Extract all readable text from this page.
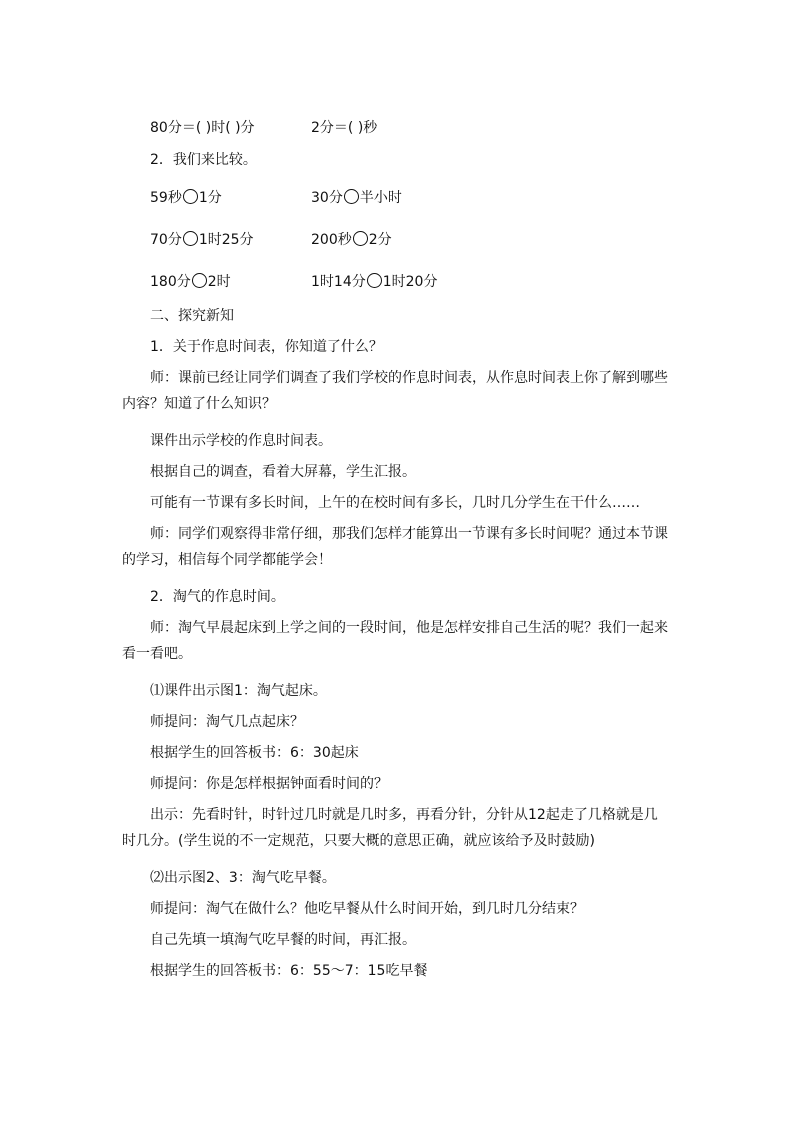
80分＝( )时( )分	2分＝( )秒
2．我们来比较。
59秒 1分	30分 半小时
70分 1时25分	200秒 2分
180分 2时	1时14分 1时20分
二、探究新知
1．关于作息时间表，你知道了什么？
师：课前已经让同学们调查了我们学校的作息时间表，从作息时间表上你了解到哪些内容？知道了什么知识？
课件出示学校的作息时间表。
根据自己的调查，看着大屏幕，学生汇报。
可能有一节课有多长时间，上午的在校时间有多长，几时几分学生在干什么……
师：同学们观察得非常仔细，那我们怎样才能算出一节课有多长时间呢？通过本节课的学习，相信每个同学都能学会！
2．淘气的作息时间。
师：淘气早晨起床到上学之间的一段时间，他是怎样安排自己生活的呢？我们一起来看一看吧。
⑴课件出示图1：淘气起床。
师提问：淘气几点起床？
根据学生的回答板书：6：30起床
师提问：你是怎样根据钟面看时间的？
出示：先看时针，时针过几时就是几时多，再看分针，分针从12起走了几格就是几时几分。(学生说的不一定规范，只要大概的意思正确，就应该给予及时鼓励)
⑵出示图2、3：淘气吃早餐。
师提问：淘气在做什么？他吃早餐从什么时间开始，到几时几分结束？
自己先填一填淘气吃早餐的时间，再汇报。
根据学生的回答板书：6：55～7：15吃早餐
